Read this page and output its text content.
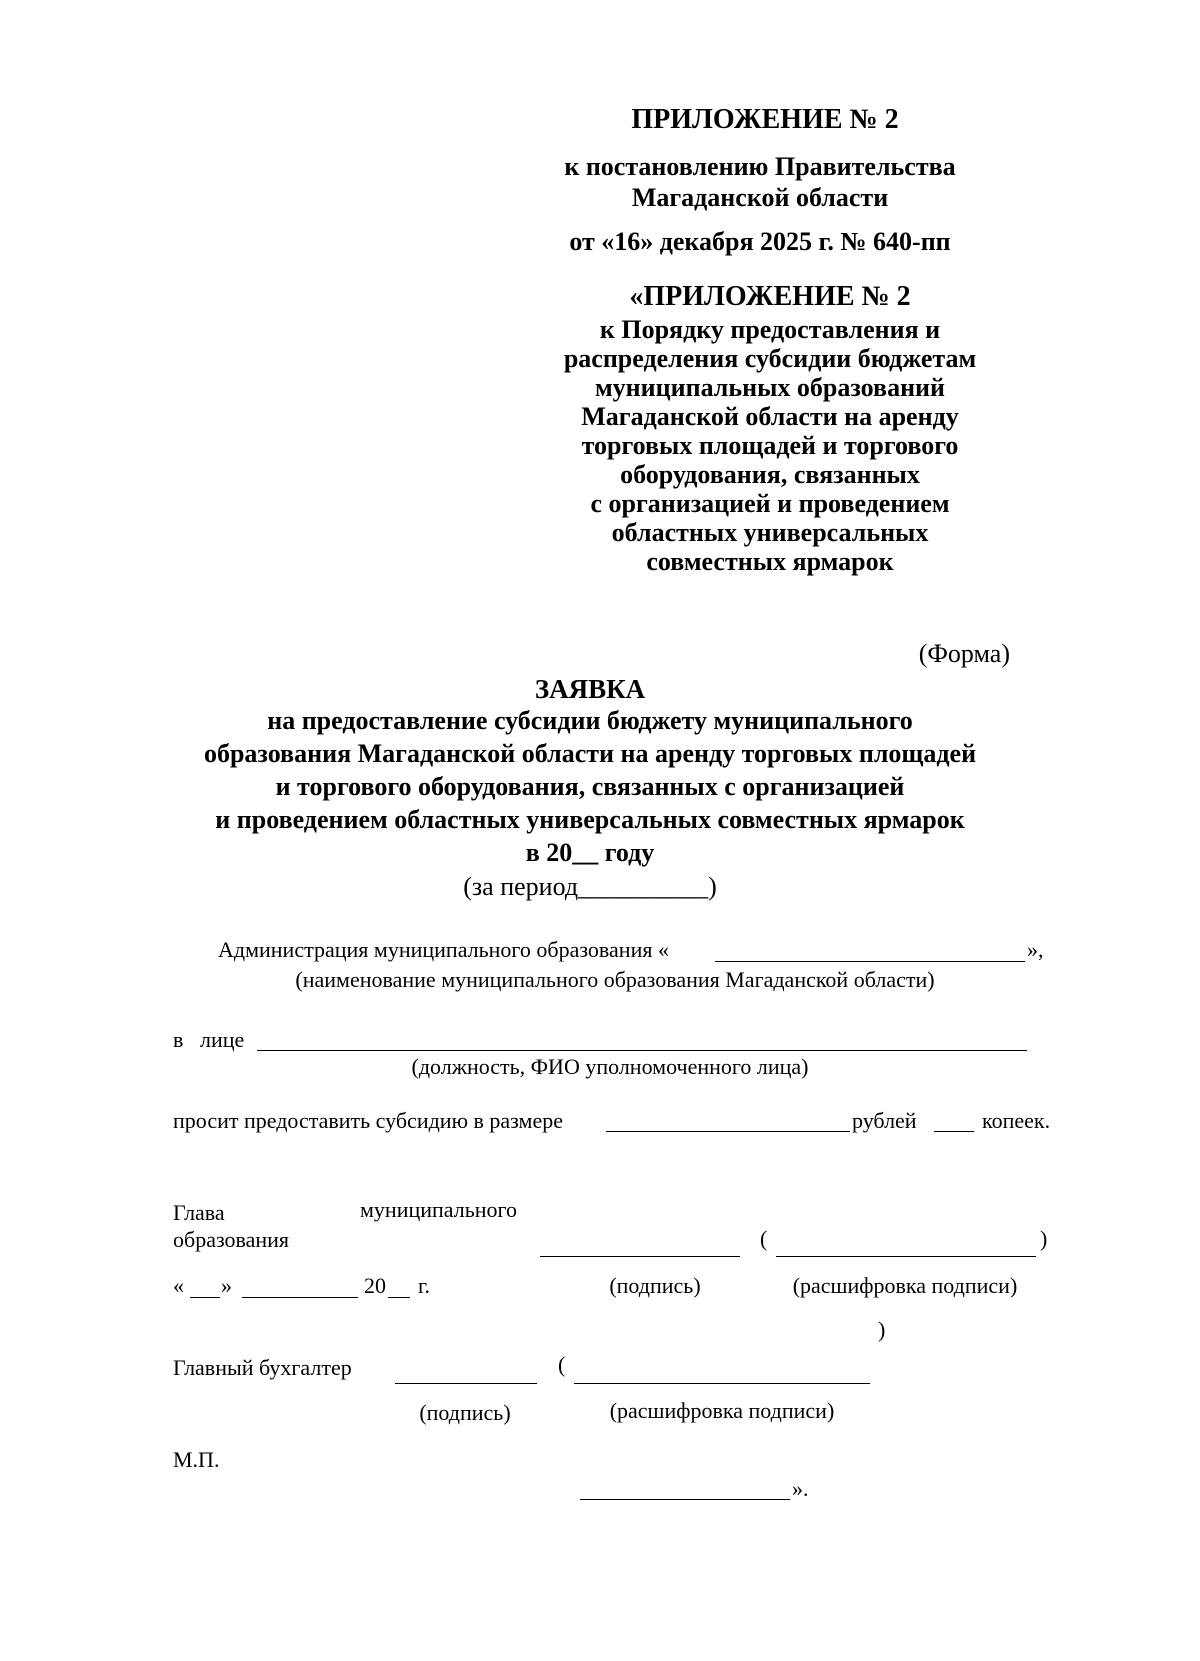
ПРИЛОЖЕНИЕ № 2
к постановлению Правительства
Магаданской области
от «16» декабря 2025 г. № 640-пп
«ПРИЛОЖЕНИЕ № 2
к Порядку предоставления и
распределения субсидии бюджетам
муниципальных образований
Магаданской области на аренду
торговых площадей и торгового
оборудования, связанных
с организацией и проведением
областных универсальных
совместных ярмарок
(Форма)
ЗАЯВКА
на предоставление субсидии бюджету муниципального
образования Магаданской области на аренду торговых площадей
и торгового оборудования, связанных с организацией
и проведением областных универсальных совместных ярмарок
в 20__ году
(за период__________)
Администрация муниципального образования «	»,
(наименование муниципального образования Магаданской области)
в лице
(должность, ФИО уполномоченного лица)
просит предоставить субсидию в размере	рублей	копеек.
Глава	муниципального
образования	(	)
« »	20 г.	(подпись)	(расшифровка подписи)
)
Главный бухгалтер	(
(подпись)	(расшифровка подписи)
М.П.
».
